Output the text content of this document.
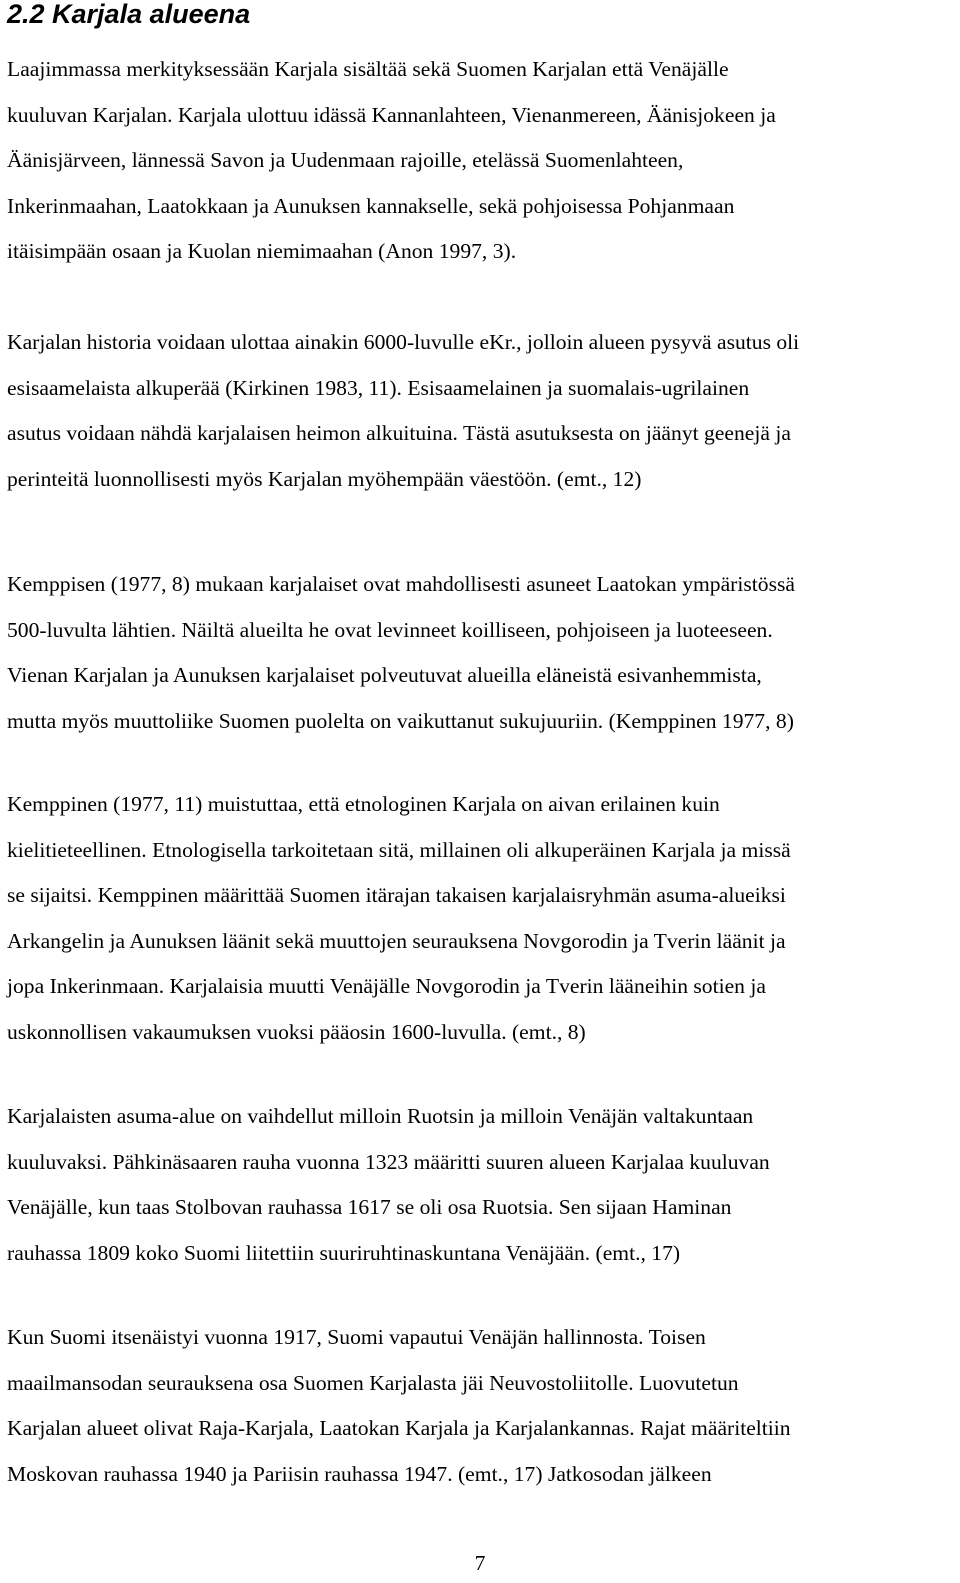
2.2 Karjala alueena
Laajimmassa merkityksessään Karjala sisältää sekä Suomen Karjalan että Venäjälle
kuuluvan Karjalan. Karjala ulottuu idässä Kannanlahteen, Vienanmereen, Äänisjokeen ja
Äänisjärveen, lännessä Savon ja Uudenmaan rajoille, etelässä Suomenlahteen,
Inkerinmaahan, Laatokkaan ja Aunuksen kannakselle, sekä pohjoisessa Pohjanmaan
itäisimpään osaan ja Kuolan niemimaahan (Anon 1997, 3).
Karjalan historia voidaan ulottaa ainakin 6000-luvulle eKr., jolloin alueen pysyvä asutus oli
esisaamelaista alkuperää (Kirkinen 1983, 11). Esisaamelainen ja suomalais-ugrilainen
asutus voidaan nähdä karjalaisen heimon alkuituina. Tästä asutuksesta on jäänyt geenejä ja
perinteitä luonnollisesti myös Karjalan myöhempään väestöön. (emt., 12)
Kemppisen (1977, 8) mukaan karjalaiset ovat mahdollisesti asuneet Laatokan ympäristössä
500-luvulta lähtien. Näiltä alueilta he ovat levinneet koilliseen, pohjoiseen ja luoteeseen.
Vienan Karjalan ja Aunuksen karjalaiset polveutuvat alueilla eläneistä esivanhemmista,
mutta myös muuttoliike Suomen puolelta on vaikuttanut sukujuuriin. (Kemppinen 1977, 8)
Kemppinen (1977, 11) muistuttaa, että etnologinen Karjala on aivan erilainen kuin
kielitieteellinen. Etnologisella tarkoitetaan sitä, millainen oli alkuperäinen Karjala ja missä
se sijaitsi. Kemppinen määrittää Suomen itärajan takaisen karjalaisryhmän asuma-alueiksi
Arkangelin ja Aunuksen läänit sekä muuttojen seurauksena Novgorodin ja Tverin läänit ja
jopa Inkerinmaan. Karjalaisia muutti Venäjälle Novgorodin ja Tverin lääneihin sotien ja
uskonnollisen vakaumuksen vuoksi pääosin 1600-luvulla. (emt., 8)
Karjalaisten asuma-alue on vaihdellut milloin Ruotsin ja milloin Venäjän valtakuntaan
kuuluvaksi. Pähkinäsaaren rauha vuonna 1323 määritti suuren alueen Karjalaa kuuluvan
Venäjälle, kun taas Stolbovan rauhassa 1617 se oli osa Ruotsia. Sen sijaan Haminan
rauhassa 1809 koko Suomi liitettiin suuriruhtinaskuntana Venäjään. (emt., 17)
Kun Suomi itsenäistyi vuonna 1917, Suomi vapautui Venäjän hallinnosta. Toisen
maailmansodan seurauksena osa Suomen Karjalasta jäi Neuvostoliitolle. Luovutetun
Karjalan alueet olivat Raja-Karjala, Laatokan Karjala ja Karjalankannas. Rajat määriteltiin
Moskovan rauhassa 1940 ja Pariisin rauhassa 1947. (emt., 17) Jatkosodan jälkeen
7
